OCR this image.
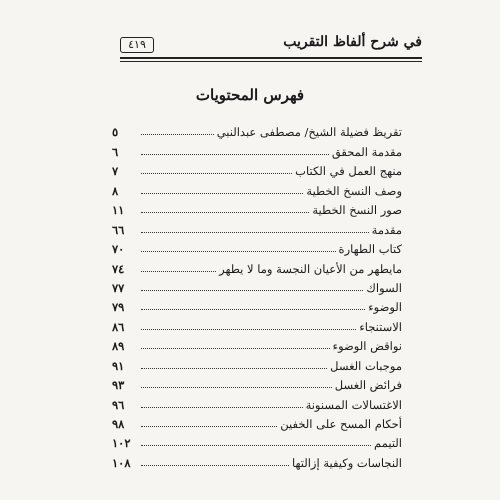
٤١٩	في شرح ألفاظ التقريب
فهرس المحتويات
تقريظ فضيلة الشيخ/ مصطفى عبدالنبي
٥
مقدمة المحقق
٦
منهج العمل في الكتاب
٧
وصف النسخ الخطية
٨
صور النسخ الخطية
١١
مقدمة
٦٦
كتاب الطهارة
٧٠
مايطهر من الأعيان النجسة وما لا يطهر
٧٤
السواك
٧٧
الوضوء
٧٩
الاستنجاء
٨٦
نواقض الوضوء
٨٩
موجبات الغسل
٩١
فرائض الغسل
٩٣
الاغتسالات المسنونة
٩٦
أحكام المسح على الخفين
٩٨
التيمم
١٠٢
النجاسات وكيفية إزالتها
١٠٨
